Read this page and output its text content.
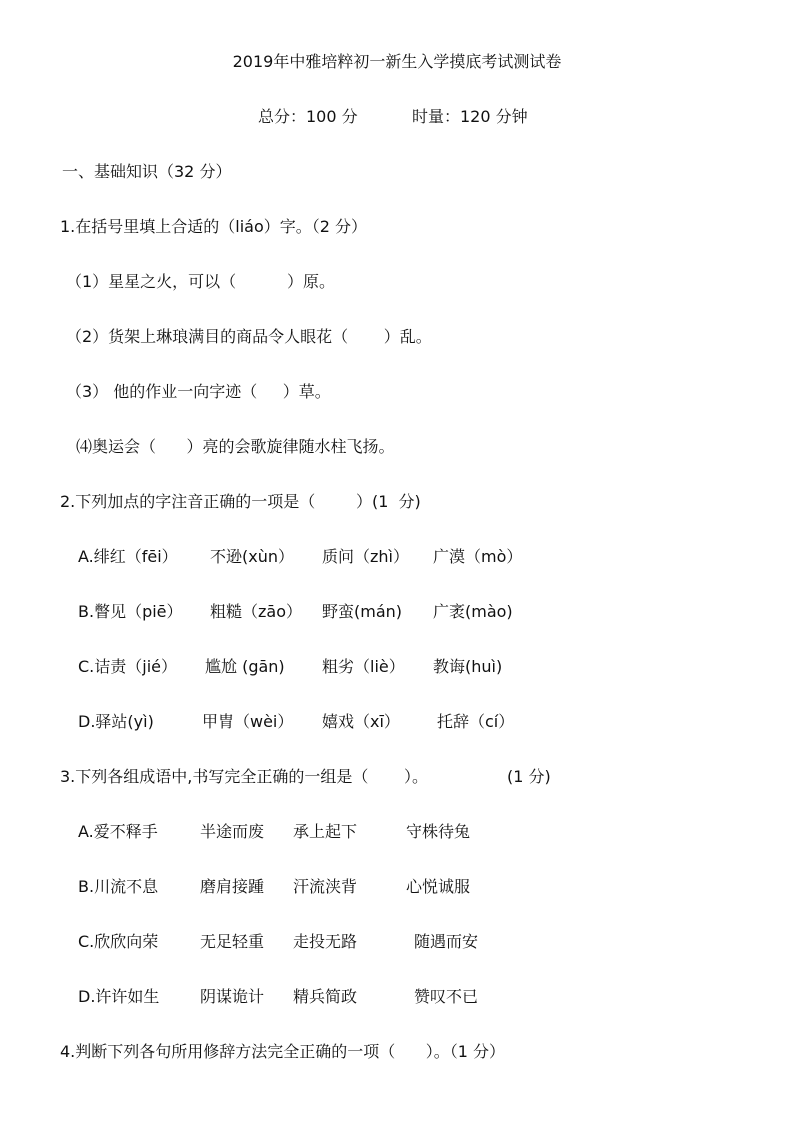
2019年中雅培粹初一新生入学摸底考试测试卷
总分：100 分	时量：120 分钟
一、基础知识（32 分）
1.在括号里填上合适的（liáo）字。（2 分）
（1）星星之火，可以（          ）原。
（2）货架上琳琅满目的商品令人眼花（       ）乱。
（3） 他的作业一向字迹（     ）草。
⑷奥运会（      ）亮的会歌旋律随水柱飞扬。
2.下列加点的字注音正确的一项是（        ）(1  分)
A.绯红（fēi） 不逊(xùn） 质问（zhì） 广漠（mò）
B.瞥见（piē） 粗糙（zāo） 野蛮(mán) 广袤(mào)
C.诘责（jié） 尴尬 (gān) 粗劣（liè） 教诲(huì)
D.驿站(yì)	甲胄（wèi） 嬉戏（xī） 托辞（cí）
3.下列各组成语中,书写完全正确的一组是（       ）。	(1 分)
A.爱不释手	半途而废 承上起下	守株待兔
B.川流不息	磨肩接踵 汗流浃背	心悦诚服
C.欣欣向荣	无足轻重 走投无路	随遇而安
D.许许如生	阴谋诡计 精兵简政	赞叹不已
4.判断下列各句所用修辞方法完全正确的一项（      ）。（1 分）
